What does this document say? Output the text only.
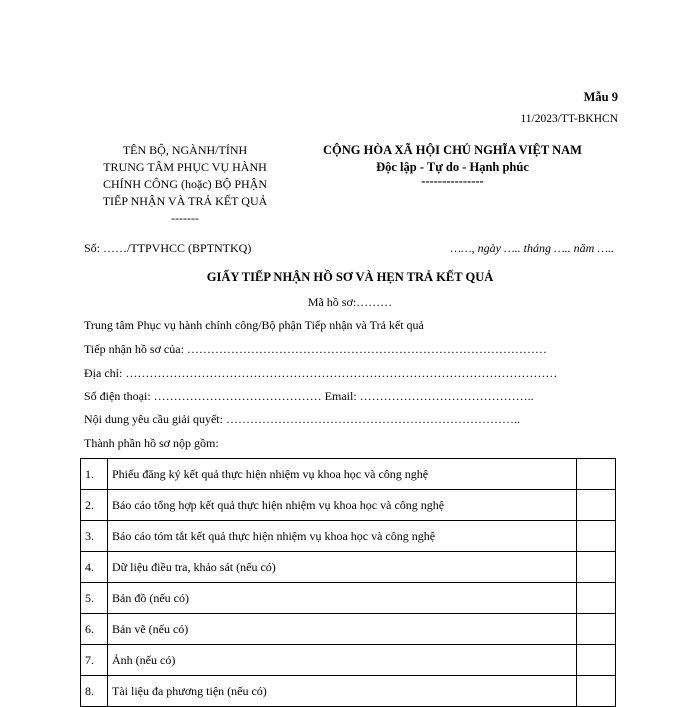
Mẫu 9
11/2023/TT-BKHCN
TÊN BỘ, NGÀNH/TỈNH
TRUNG TÂM PHỤC VỤ HÀNH
CHÍNH CÔNG (hoặc) BỘ PHẬN
TIẾP NHẬN VÀ TRẢ KẾT QUẢ
-------
CỘNG HÒA XÃ HỘI CHỦ NGHĨA VIỆT NAM
Độc lập - Tự do - Hạnh phúc
---------------
Số: ……/TTPVHCC (BPTNTKQ)	……, ngày ….. tháng ….. năm …..
GIẤY TIẾP NHẬN HỒ SƠ VÀ HẸN TRẢ KẾT QUẢ
Mã hồ sơ:………
Trung tâm Phục vụ hành chính công/Bộ phận Tiếp nhận và Trả kết quả
Tiếp nhận hồ sơ của: ………………………………………………………………………………
Địa chỉ: ………………………………………………………………………………………………
Số điện thoại: …………………………………… Email: ……………………………………..
Nội dung yêu cầu giải quyết: ………………………………………………………………..
Thành phần hồ sơ nộp gồm:
1.	Phiếu đăng ký kết quả thực hiện nhiệm vụ khoa học và công nghệ	
2.	Báo cáo tổng hợp kết quả thực hiện nhiệm vụ khoa học và công nghệ	
3.	Báo cáo tóm tắt kết quả thực hiện nhiệm vụ khoa học và công nghệ	
4.	Dữ liệu điều tra, khảo sát (nếu có)	
5.	Bản đồ (nếu có)	
6.	Bản vẽ (nếu có)	
7.	Ảnh (nếu có)	
8.	Tài liệu đa phương tiện (nếu có)	
